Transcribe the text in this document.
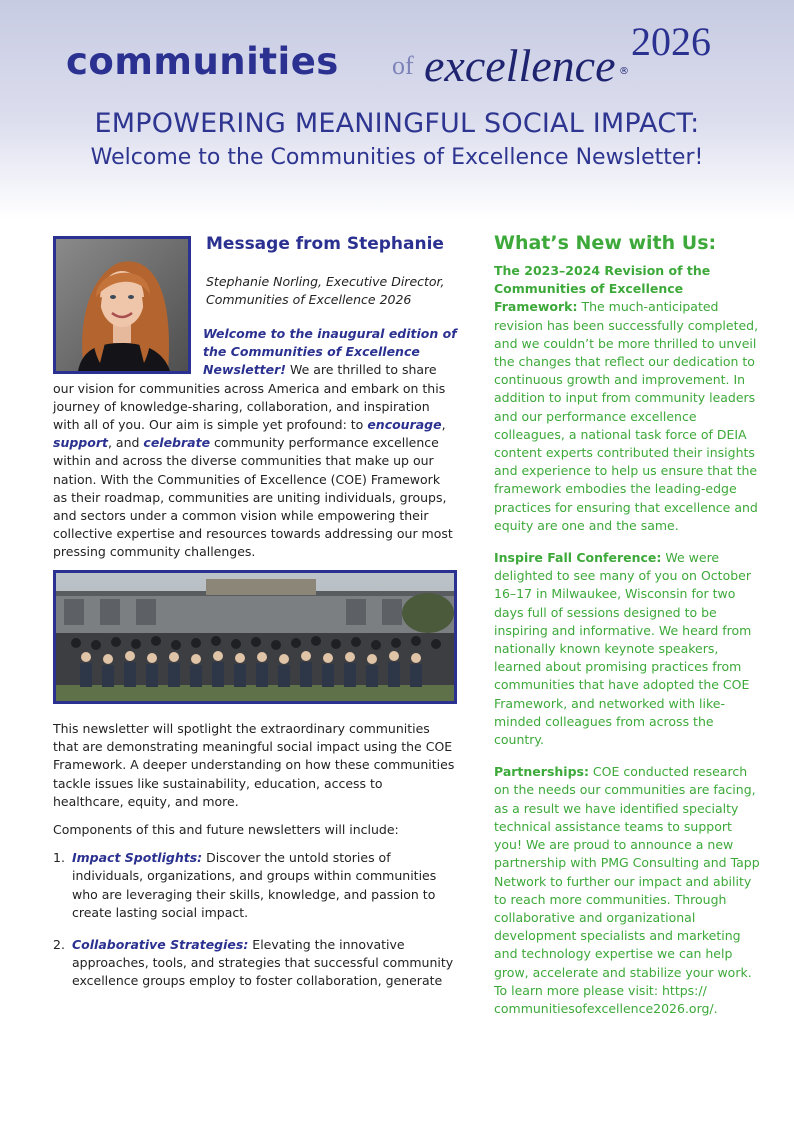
communities of excellence ®
2026
EMPOWERING MEANINGFUL SOCIAL IMPACT:
Welcome to the Communities of Excellence Newsletter!
Message from Stephanie
Stephanie Norling, Executive Director, Communities of Excellence 2026
Welcome to the inaugural edition of the Communities of Excellence Newsletter! We are thrilled to share our vision for communities across America and embark on this journey of knowledge-sharing, collaboration, and inspiration with all of you. Our aim is simple yet profound: to encourage, support, and celebrate community performance excellence within and across the diverse communities that make up our nation. With the Communities of Excellence (COE) Framework as their roadmap, communities are uniting individuals, groups, and sectors under a common vision while empowering their collective expertise and resources towards addressing our most pressing community challenges.

This newsletter will spotlight the extraordinary communities that are demonstrating meaningful social impact using the COE Framework. A deeper understanding on how these communities tackle issues like sustainability, education, access to healthcare, equity, and more.

Components of this and future newsletters will include:

1. Impact Spotlights: Discover the untold stories of individuals, organizations, and groups within communities who are leveraging their skills, knowledge, and passion to create lasting social impact.
2. Collaborative Strategies: Elevating the innovative approaches, tools, and strategies that successful community excellence groups employ to foster collaboration, generate
What’s New with Us:

The 2023–2024 Revision of the Communities of Excellence Framework: The much-anticipated revision has been successfully completed, and we couldn’t be more thrilled to unveil the changes that reflect our dedication to continuous growth and improvement. In addition to input from community leaders and our performance excellence colleagues, a national task force of DEIA content experts contributed their insights and experience to help us ensure that the framework embodies the leading-edge practices for ensuring that excellence and equity are one and the same.

Inspire Fall Conference: We were delighted to see many of you on October 16–17 in Milwaukee, Wisconsin for two days full of sessions designed to be inspiring and informative. We heard from nationally known keynote speakers, learned about promising practices from communities that have adopted the COE Framework, and networked with like-minded colleagues from across the country.

Partnerships: COE conducted research on the needs our communities are facing, as a result we have identified specialty technical assistance teams to support you! We are proud to announce a new partnership with PMG Consulting and Tapp Network to further our impact and ability to reach more communities. Through collaborative and organizational development specialists and marketing and technology expertise we can help grow, accelerate and stabilize your work. To learn more please visit: https:// communitiesofexcellence2026.org/.
